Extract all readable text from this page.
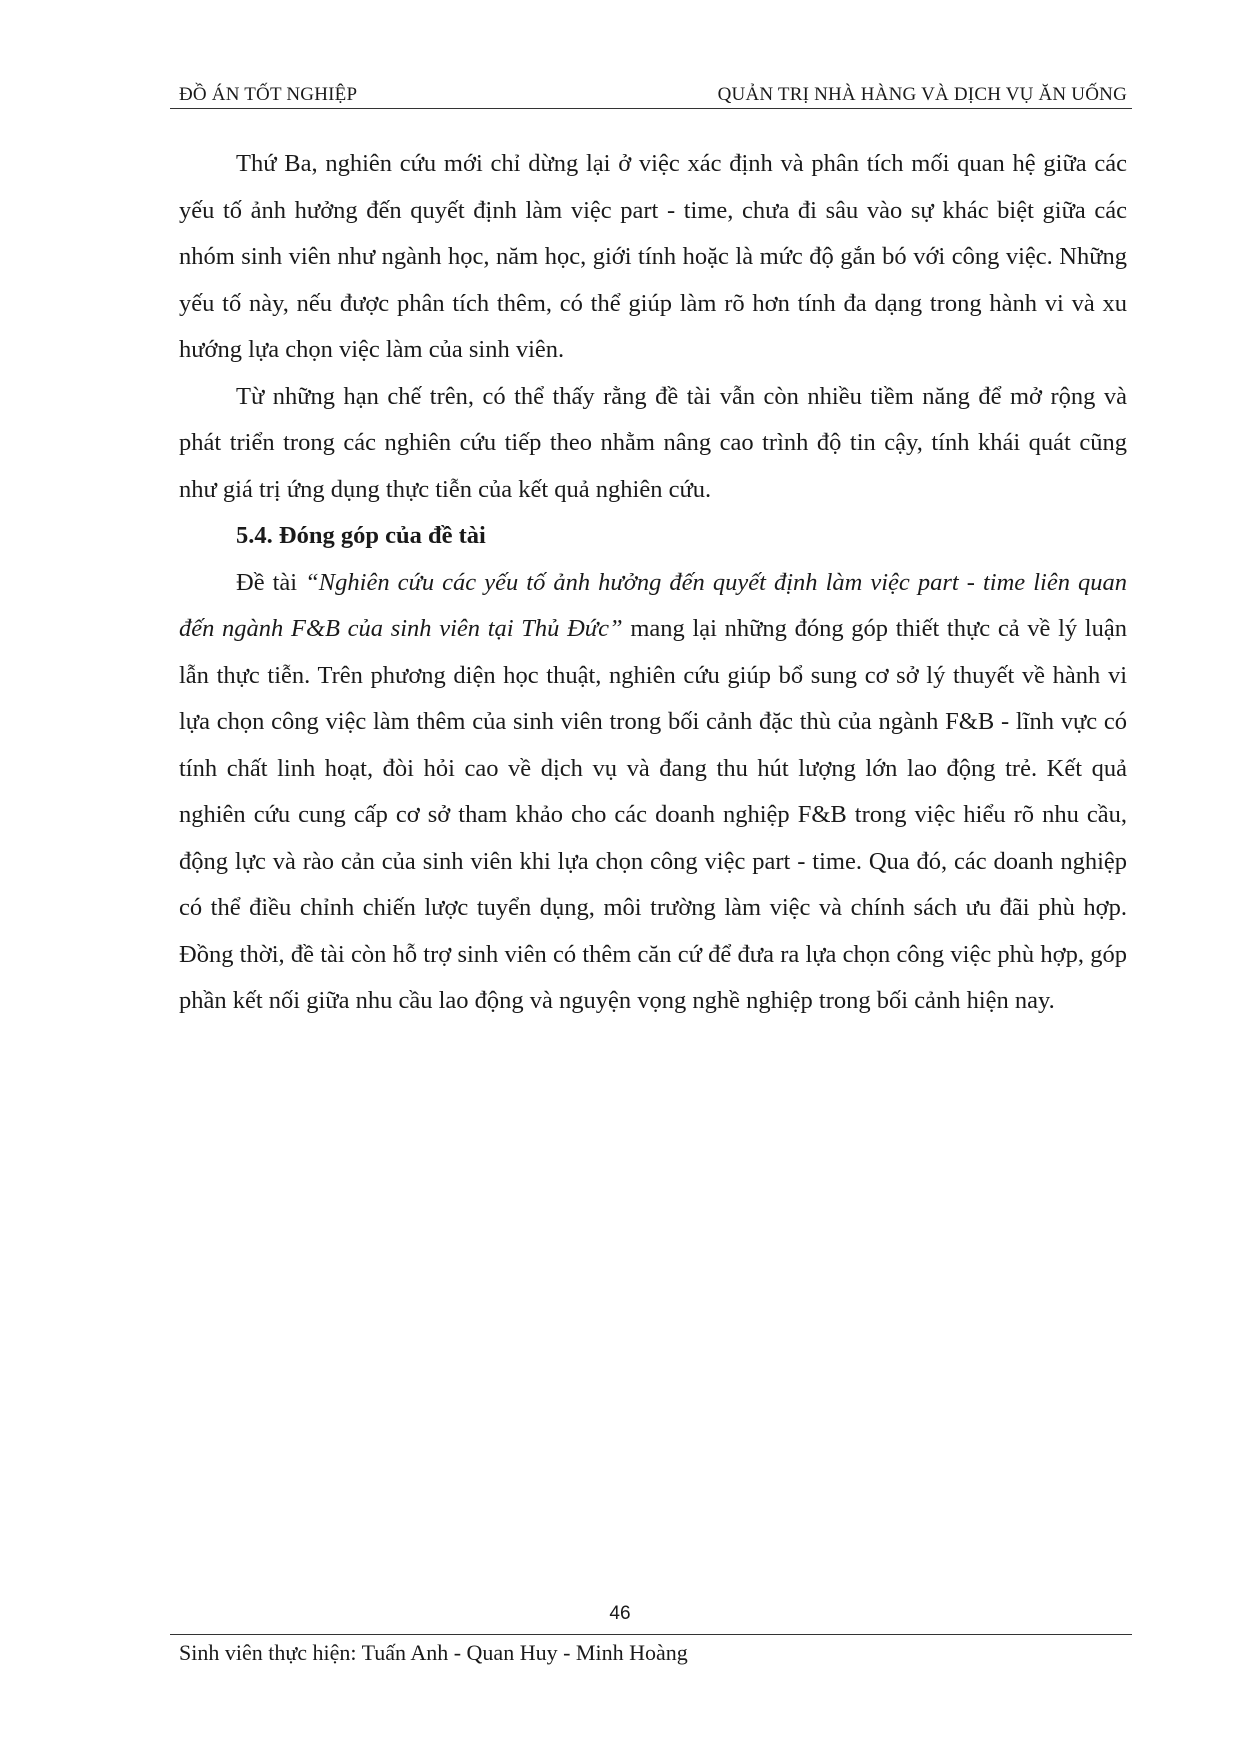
ĐỒ ÁN TỐT NGHIỆP	QUẢN TRỊ NHÀ HÀNG VÀ DỊCH VỤ ĂN UỐNG

Thứ Ba, nghiên cứu mới chỉ dừng lại ở việc xác định và phân tích mối quan hệ giữa các yếu tố ảnh hưởng đến quyết định làm việc part - time, chưa đi sâu vào sự khác biệt giữa các nhóm sinh viên như ngành học, năm học, giới tính hoặc là mức độ gắn bó với công việc. Những yếu tố này, nếu được phân tích thêm, có thể giúp làm rõ hơn tính đa dạng trong hành vi và xu hướng lựa chọn việc làm của sinh viên.

Từ những hạn chế trên, có thể thấy rằng đề tài vẫn còn nhiều tiềm năng để mở rộng và phát triển trong các nghiên cứu tiếp theo nhằm nâng cao trình độ tin cậy, tính khái quát cũng như giá trị ứng dụng thực tiễn của kết quả nghiên cứu.

5.4. Đóng góp của đề tài

Đề tài “Nghiên cứu các yếu tố ảnh hưởng đến quyết định làm việc part - time liên quan đến ngành F&B của sinh viên tại Thủ Đức” mang lại những đóng góp thiết thực cả về lý luận lẫn thực tiễn. Trên phương diện học thuật, nghiên cứu giúp bổ sung cơ sở lý thuyết về hành vi lựa chọn công việc làm thêm của sinh viên trong bối cảnh đặc thù của ngành F&B - lĩnh vực có tính chất linh hoạt, đòi hỏi cao về dịch vụ và đang thu hút lượng lớn lao động trẻ. Kết quả nghiên cứu cung cấp cơ sở tham khảo cho các doanh nghiệp F&B trong việc hiểu rõ nhu cầu, động lực và rào cản của sinh viên khi lựa chọn công việc part - time. Qua đó, các doanh nghiệp có thể điều chỉnh chiến lược tuyển dụng, môi trường làm việc và chính sách ưu đãi phù hợp. Đồng thời, đề tài còn hỗ trợ sinh viên có thêm căn cứ để đưa ra lựa chọn công việc phù hợp, góp phần kết nối giữa nhu cầu lao động và nguyện vọng nghề nghiệp trong bối cảnh hiện nay.

46
Sinh viên thực hiện: Tuấn Anh - Quan Huy - Minh Hoàng
